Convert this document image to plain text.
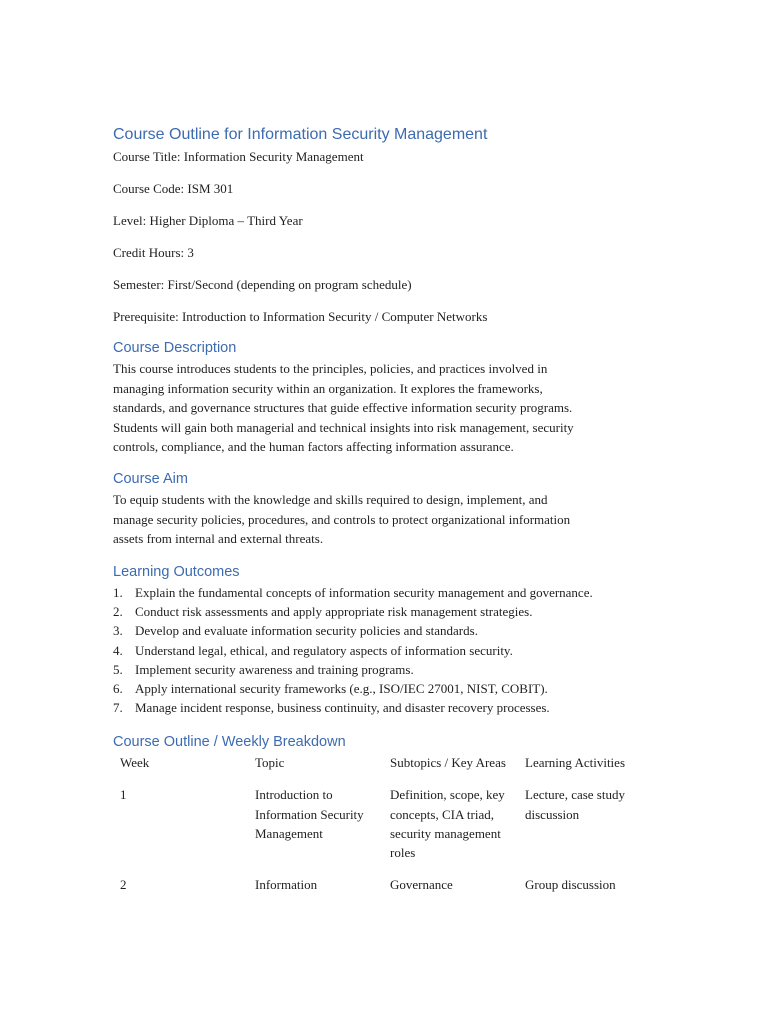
Course Outline for Information Security Management

Course Title: Information Security Management

Course Code: ISM 301

Level: Higher Diploma – Third Year

Credit Hours: 3

Semester: First/Second (depending on program schedule)

Prerequisite: Introduction to Information Security / Computer Networks

Course Description

This course introduces students to the principles, policies, and practices involved in

managing information security within an organization. It explores the frameworks,

standards, and governance structures that guide effective information security programs.

Students will gain both managerial and technical insights into risk management, security

controls, compliance, and the human factors affecting information assurance.

Course Aim

To equip students with the knowledge and skills required to design, implement, and

manage security policies, procedures, and controls to protect organizational information

assets from internal and external threats.

Learning Outcomes
1. Explain the fundamental concepts of information security management and governance.
2. Conduct risk assessments and apply appropriate risk management strategies.
3. Develop and evaluate information security policies and standards.
4. Understand legal, ethical, and regulatory aspects of information security.
5. Implement security awareness and training programs.
6. Apply international security frameworks (e.g., ISO/IEC 27001, NIST, COBIT).
7. Manage incident response, business continuity, and disaster recovery processes.
Course Outline / Weekly Breakdown
Week	Topic	Subtopics / Key Areas	Learning Activities
1	Introduction to Information Security Management	Definition, scope, key concepts, CIA triad, security management roles	Lecture, case study discussion
2	Information	Governance	Group discussion
